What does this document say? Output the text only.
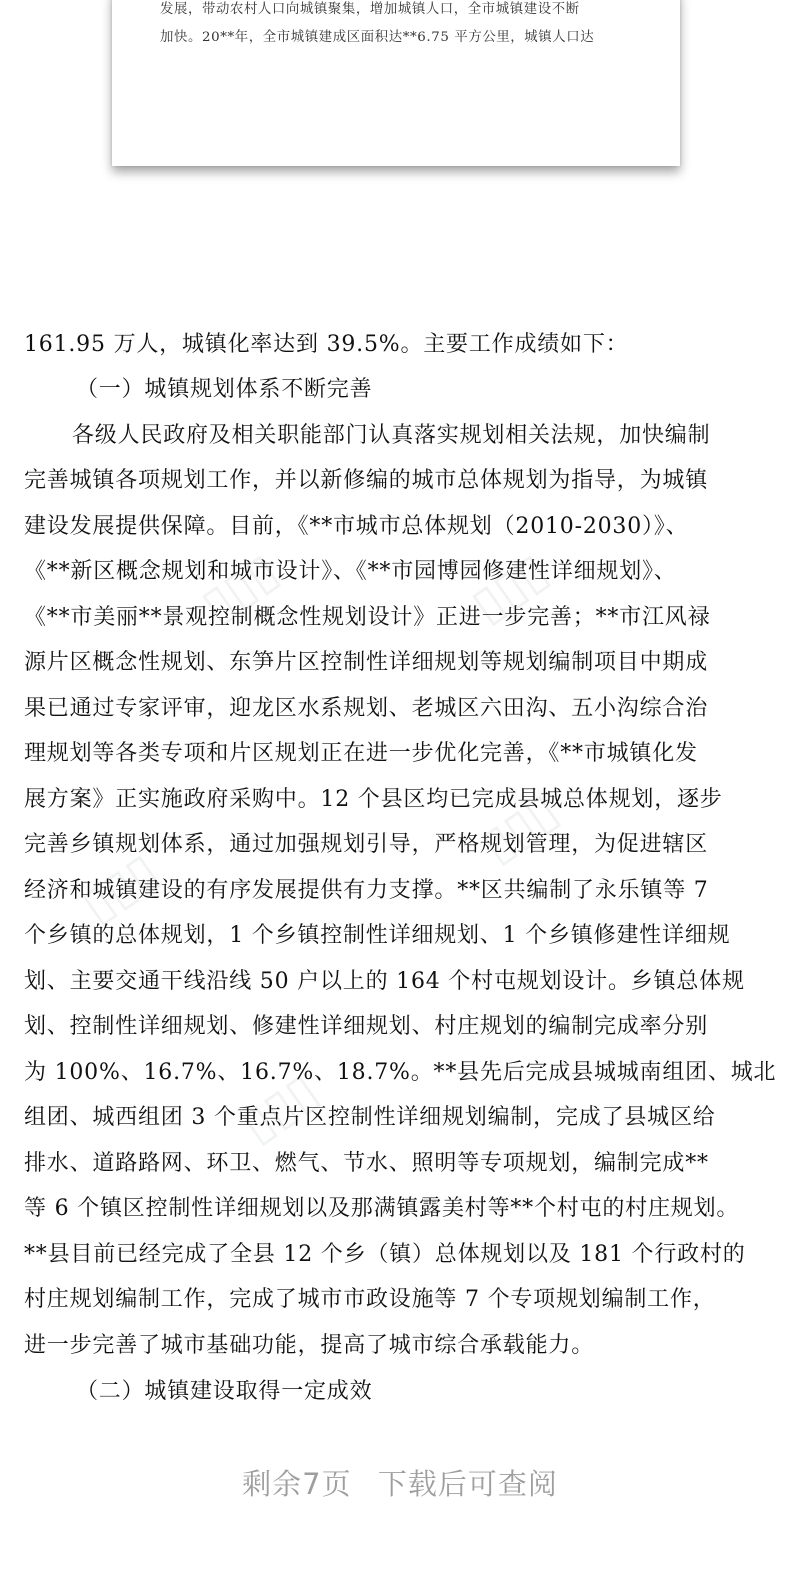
▯▯▯	▯▯▯
▯▯▯
▯▯▯
▯▯▯
发展，带动农村人口向城镇聚集，增加城镇人口，全市城镇建设不断
加快。20**年，全市城镇建成区面积达**6.75 平方公里，城镇人口达
161.95 万人，城镇化率达到 39.5%。主要工作成绩如下：
（一）城镇规划体系不断完善
各级人民政府及相关职能部门认真落实规划相关法规，加快编制
完善城镇各项规划工作，并以新修编的城市总体规划为指导，为城镇
建设发展提供保障。目前，《**市城市总体规划（2010-2030）》、
《**新区概念规划和城市设计》、《**市园博园修建性详细规划》、
《**市美丽**景观控制概念性规划设计》正进一步完善；**市江风禄
源片区概念性规划、东笋片区控制性详细规划等规划编制项目中期成
果已通过专家评审，迎龙区水系规划、老城区六田沟、五小沟综合治
理规划等各类专项和片区规划正在进一步优化完善，《**市城镇化发
展方案》正实施政府采购中。12 个县区均已完成县城总体规划，逐步
完善乡镇规划体系，通过加强规划引导，严格规划管理，为促进辖区
经济和城镇建设的有序发展提供有力支撑。**区共编制了永乐镇等 7
个乡镇的总体规划，1 个乡镇控制性详细规划、1 个乡镇修建性详细规
划、主要交通干线沿线 50 户以上的 164 个村屯规划设计。乡镇总体规
划、控制性详细规划、修建性详细规划、村庄规划的编制完成率分别
为 100%、16.7%、16.7%、18.7%。**县先后完成县城城南组团、城北
组团、城西组团 3 个重点片区控制性详细规划编制，完成了县城区给
排水、道路路网、环卫、燃气、节水、照明等专项规划，编制完成**
等 6 个镇区控制性详细规划以及那满镇露美村等**个村屯的村庄规划。
**县目前已经完成了全县 12 个乡（镇）总体规划以及 181 个行政村的
村庄规划编制工作，完成了城市市政设施等 7 个专项规划编制工作，
进一步完善了城市基础功能，提高了城市综合承载能力。
（二）城镇建设取得一定成效
剩余7页 下载后可查阅
